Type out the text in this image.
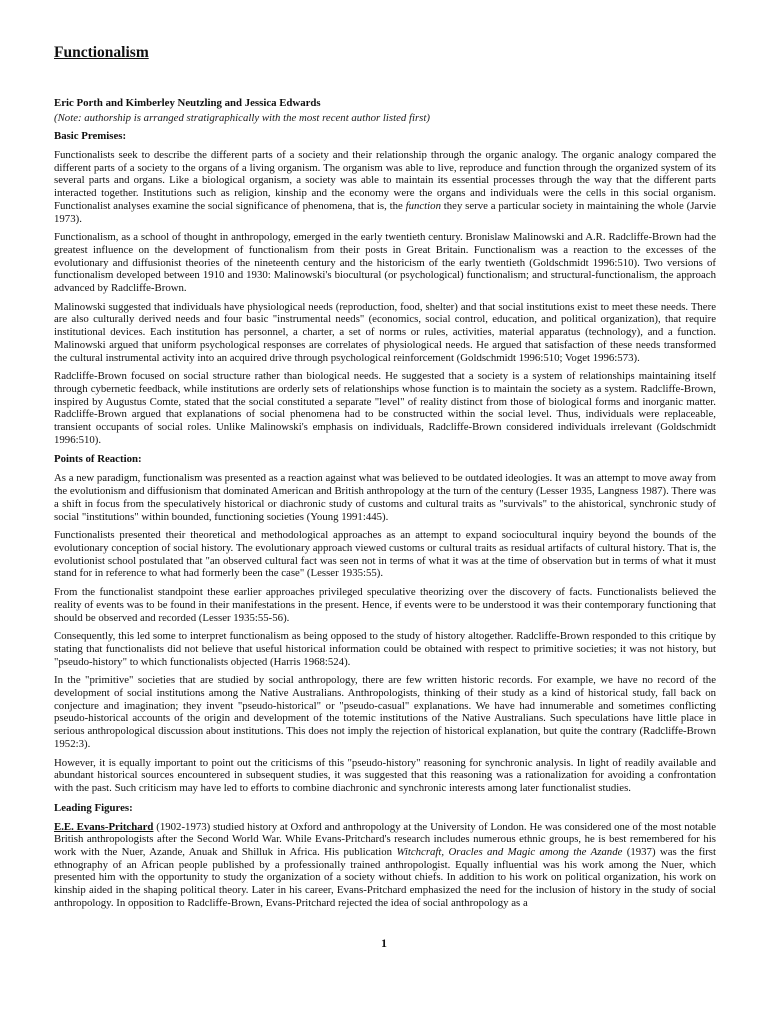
Functionalism

Eric Porth and Kimberley Neutzling and Jessica Edwards

(Note: authorship is arranged stratigraphically with the most recent author listed first)

Basic Premises:

Functionalists seek to describe the different parts of a society and their relationship through the organic analogy. The organic analogy compared the different parts of a society to the organs of a living organism. The organism was able to live, reproduce and function through the organized system of its several parts and organs. Like a biological organism, a society was able to maintain its essential processes through the way that the different parts interacted together. Institutions such as religion, kinship and the economy were the organs and individuals were the cells in this social organism. Functionalist analyses examine the social significance of phenomena, that is, the function they serve a particular society in maintaining the whole (Jarvie 1973).

Functionalism, as a school of thought in anthropology, emerged in the early twentieth century. Bronislaw Malinowski and A.R. Radcliffe-Brown had the greatest influence on the development of functionalism from their posts in Great Britain. Functionalism was a reaction to the excesses of the evolutionary and diffusionist theories of the nineteenth century and the historicism of the early twentieth (Goldschmidt 1996:510). Two versions of functionalism developed between 1910 and 1930: Malinowski's biocultural (or psychological) functionalism; and structural-functionalism, the approach advanced by Radcliffe-Brown.

Malinowski suggested that individuals have physiological needs (reproduction, food, shelter) and that social institutions exist to meet these needs. There are also culturally derived needs and four basic "instrumental needs" (economics, social control, education, and political organization), that require institutional devices. Each institution has personnel, a charter, a set of norms or rules, activities, material apparatus (technology), and a function. Malinowski argued that uniform psychological responses are correlates of physiological needs. He argued that satisfaction of these needs transformed the cultural instrumental activity into an acquired drive through psychological reinforcement (Goldschmidt 1996:510; Voget 1996:573).

Radcliffe-Brown focused on social structure rather than biological needs. He suggested that a society is a system of relationships maintaining itself through cybernetic feedback, while institutions are orderly sets of relationships whose function is to maintain the society as a system. Radcliffe-Brown, inspired by Augustus Comte, stated that the social constituted a separate "level" of reality distinct from those of biological forms and inorganic matter. Radcliffe-Brown argued that explanations of social phenomena had to be constructed within the social level. Thus, individuals were replaceable, transient occupants of social roles. Unlike Malinowski's emphasis on individuals, Radcliffe-Brown considered individuals irrelevant (Goldschmidt 1996:510).

Points of Reaction:

As a new paradigm, functionalism was presented as a reaction against what was believed to be outdated ideologies. It was an attempt to move away from the evolutionism and diffusionism that dominated American and British anthropology at the turn of the century (Lesser 1935, Langness 1987). There was a shift in focus from the speculatively historical or diachronic study of customs and cultural traits as "survivals" to the ahistorical, synchronic study of social "institutions" within bounded, functioning societies (Young 1991:445).

Functionalists presented their theoretical and methodological approaches as an attempt to expand sociocultural inquiry beyond the bounds of the evolutionary conception of social history. The evolutionary approach viewed customs or cultural traits as residual artifacts of cultural history. That is, the evolutionist school postulated that "an observed cultural fact was seen not in terms of what it was at the time of observation but in terms of what it must stand for in reference to what had formerly been the case" (Lesser 1935:55).

From the functionalist standpoint these earlier approaches privileged speculative theorizing over the discovery of facts. Functionalists believed the reality of events was to be found in their manifestations in the present. Hence, if events were to be understood it was their contemporary functioning that should be observed and recorded (Lesser 1935:55-56).

Consequently, this led some to interpret functionalism as being opposed to the study of history altogether. Radcliffe-Brown responded to this critique by stating that functionalists did not believe that useful historical information could be obtained with respect to primitive societies; it was not history, but "pseudo-history" to which functionalists objected (Harris 1968:524).

In the "primitive" societies that are studied by social anthropology, there are few written historic records. For example, we have no record of the development of social institutions among the Native Australians. Anthropologists, thinking of their study as a kind of historical study, fall back on conjecture and imagination; they invent "pseudo-historical" or "pseudo-casual" explanations. We have had innumerable and sometimes conflicting pseudo-historical accounts of the origin and development of the totemic institutions of the Native Australians. Such speculations have little place in serious anthropological discussion about institutions. This does not imply the rejection of historical explanation, but quite the contrary (Radcliffe-Brown 1952:3).

However, it is equally important to point out the criticisms of this "pseudo-history" reasoning for synchronic analysis. In light of readily available and abundant historical sources encountered in subsequent studies, it was suggested that this reasoning was a rationalization for avoiding a confrontation with the past. Such criticism may have led to efforts to combine diachronic and synchronic interests among later functionalist studies.

Leading Figures:

E.E. Evans-Pritchard (1902-1973) studied history at Oxford and anthropology at the University of London. He was considered one of the most notable British anthropologists after the Second World War. While Evans-Pritchard's research includes numerous ethnic groups, he is best remembered for his work with the Nuer, Azande, Anuak and Shilluk in Africa. His publication Witchcraft, Oracles and Magic among the Azande (1937) was the first ethnography of an African people published by a professionally trained anthropologist. Equally influential was his work among the Nuer, which presented him with the opportunity to study the organization of a society without chiefs. In addition to his work on political organization, his work on kinship aided in the shaping political theory. Later in his career, Evans-Pritchard emphasized the need for the inclusion of history in the study of social anthropology. In opposition to Radcliffe-Brown, Evans-Pritchard rejected the idea of social anthropology as a

1
